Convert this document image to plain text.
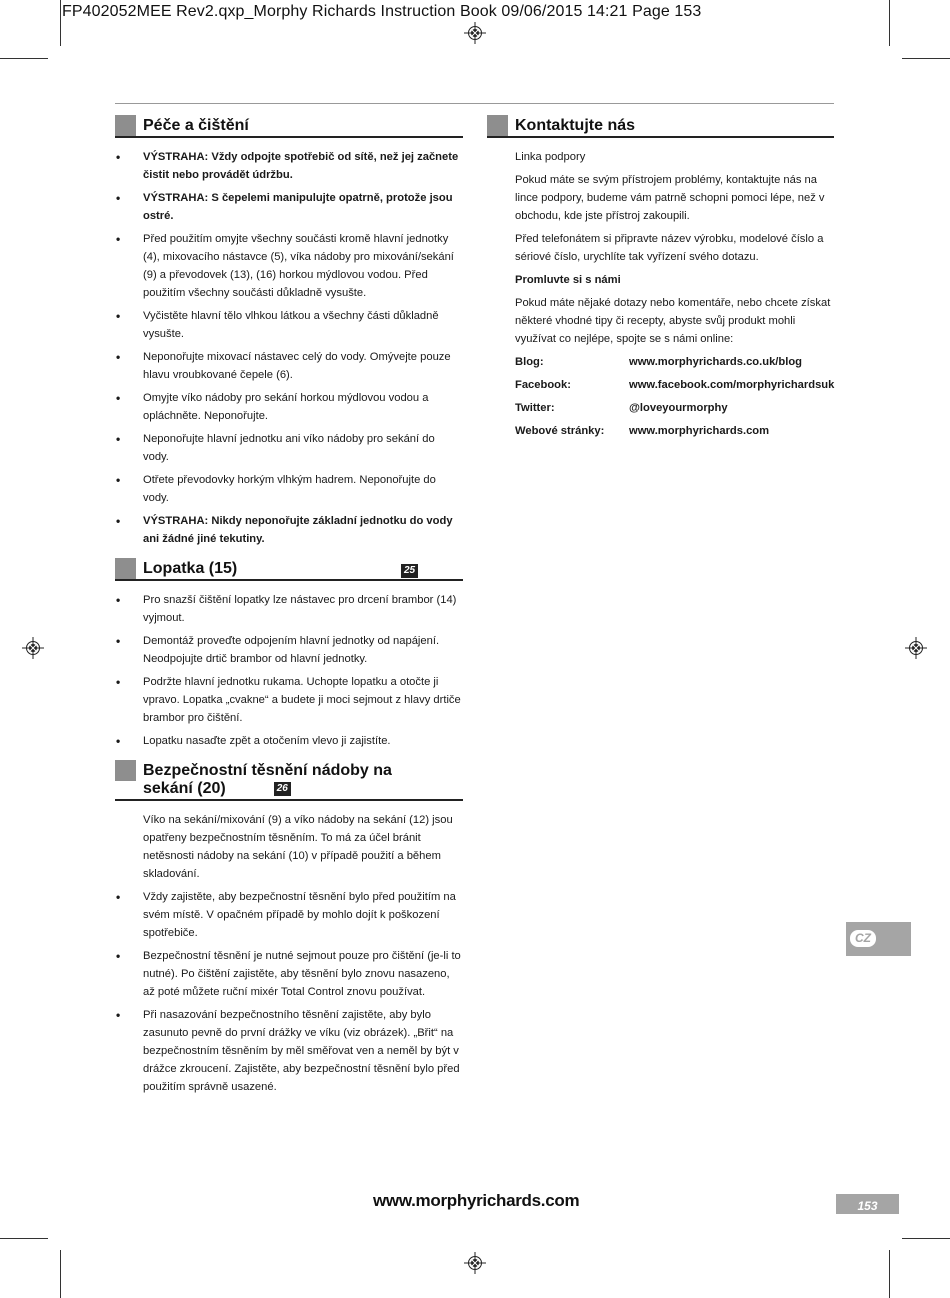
FP402052MEE Rev2.qxp_Morphy Richards Instruction Book 09/06/2015 14:21 Page 153
Péče a čištění
• VÝSTRAHA: Vždy odpojte spotřebič od sítě, než jej začnete čistit nebo provádět údržbu.
• VÝSTRAHA: S čepelemi manipulujte opatrně, protože jsou ostré.
• Před použitím omyjte všechny součásti kromě hlavní jednotky (4), mixovacího nástavce (5), víka nádoby pro mixování/sekání (9) a převodovek (13), (16) horkou mýdlovou vodou. Před použitím všechny součásti důkladně vysušte.
• Vyčistěte hlavní tělo vlhkou látkou a všechny části důkladně vysušte.
• Neponořujte mixovací nástavec celý do vody. Omývejte pouze hlavu vroubkované čepele (6).
• Omyjte víko nádoby pro sekání horkou mýdlovou vodou a opláchněte. Neponořujte.
• Neponořujte hlavní jednotku ani víko nádoby pro sekání do vody.
• Otřete převodovky horkým vlhkým hadrem. Neponořujte do vody.
• VÝSTRAHA: Nikdy neponořujte základní jednotku do vody ani žádné jiné tekutiny.
Lopatka (15)	25
• Pro snazší čištění lopatky lze nástavec pro drcení brambor (14) vyjmout.
• Demontáž proveďte odpojením hlavní jednotky od napájení. Neodpojujte drtič brambor od hlavní jednotky.
• Podržte hlavní jednotku rukama. Uchopte lopatku a otočte ji vpravo. Lopatka „cvakne“ a budete ji moci sejmout z hlavy drtiče brambor pro čištění.
• Lopatku nasaďte zpět a otočením vlevo ji zajistíte.
Bezpečnostní těsnění nádoby na
sekání (20)	26

Víko na sekání/mixování (9) a víko nádoby na sekání (12) jsou opatřeny bezpečnostním těsněním. To má za účel bránit netěsnosti nádoby na sekání (10) v případě použití a během skladování.

• Vždy zajistěte, aby bezpečnostní těsnění bylo před použitím na svém místě. V opačném případě by mohlo dojít k poškození spotřebiče.
• Bezpečnostní těsnění je nutné sejmout pouze pro čištění (je-li to nutné). Po čištění zajistěte, aby těsnění bylo znovu nasazeno, až poté můžete ruční mixér Total Control znovu používat.
• Při nasazování bezpečnostního těsnění zajistěte, aby bylo zasunuto pevně do první drážky ve víku (viz obrázek). „Břit“ na bezpečnostním těsněním by měl směřovat ven a neměl by být v drážce zkroucení. Zajistěte, aby bezpečnostní těsnění bylo před použitím správně usazené.
Kontaktujte nás

Linka podpory

Pokud máte se svým přístrojem problémy, kontaktujte nás na lince podpory, budeme vám patrně schopni pomoci lépe, než v obchodu, kde jste přístroj zakoupili.

Před telefonátem si připravte název výrobku, modelové číslo a sériové číslo, urychlíte tak vyřízení svého dotazu.

Promluvte si s námi

Pokud máte nějaké dotazy nebo komentáře, nebo chcete získat některé vhodné tipy či recepty, abyste svůj produkt mohli využívat co nejlépe, spojte se s námi online:

Blog:	www.morphyrichards.co.uk/blog
Facebook:	www.facebook.com/morphyrichardsuk
Twitter:	@loveyourmorphy
Webové stránky:	www.morphyrichards.com
CZ
www.morphyrichards.com	153
